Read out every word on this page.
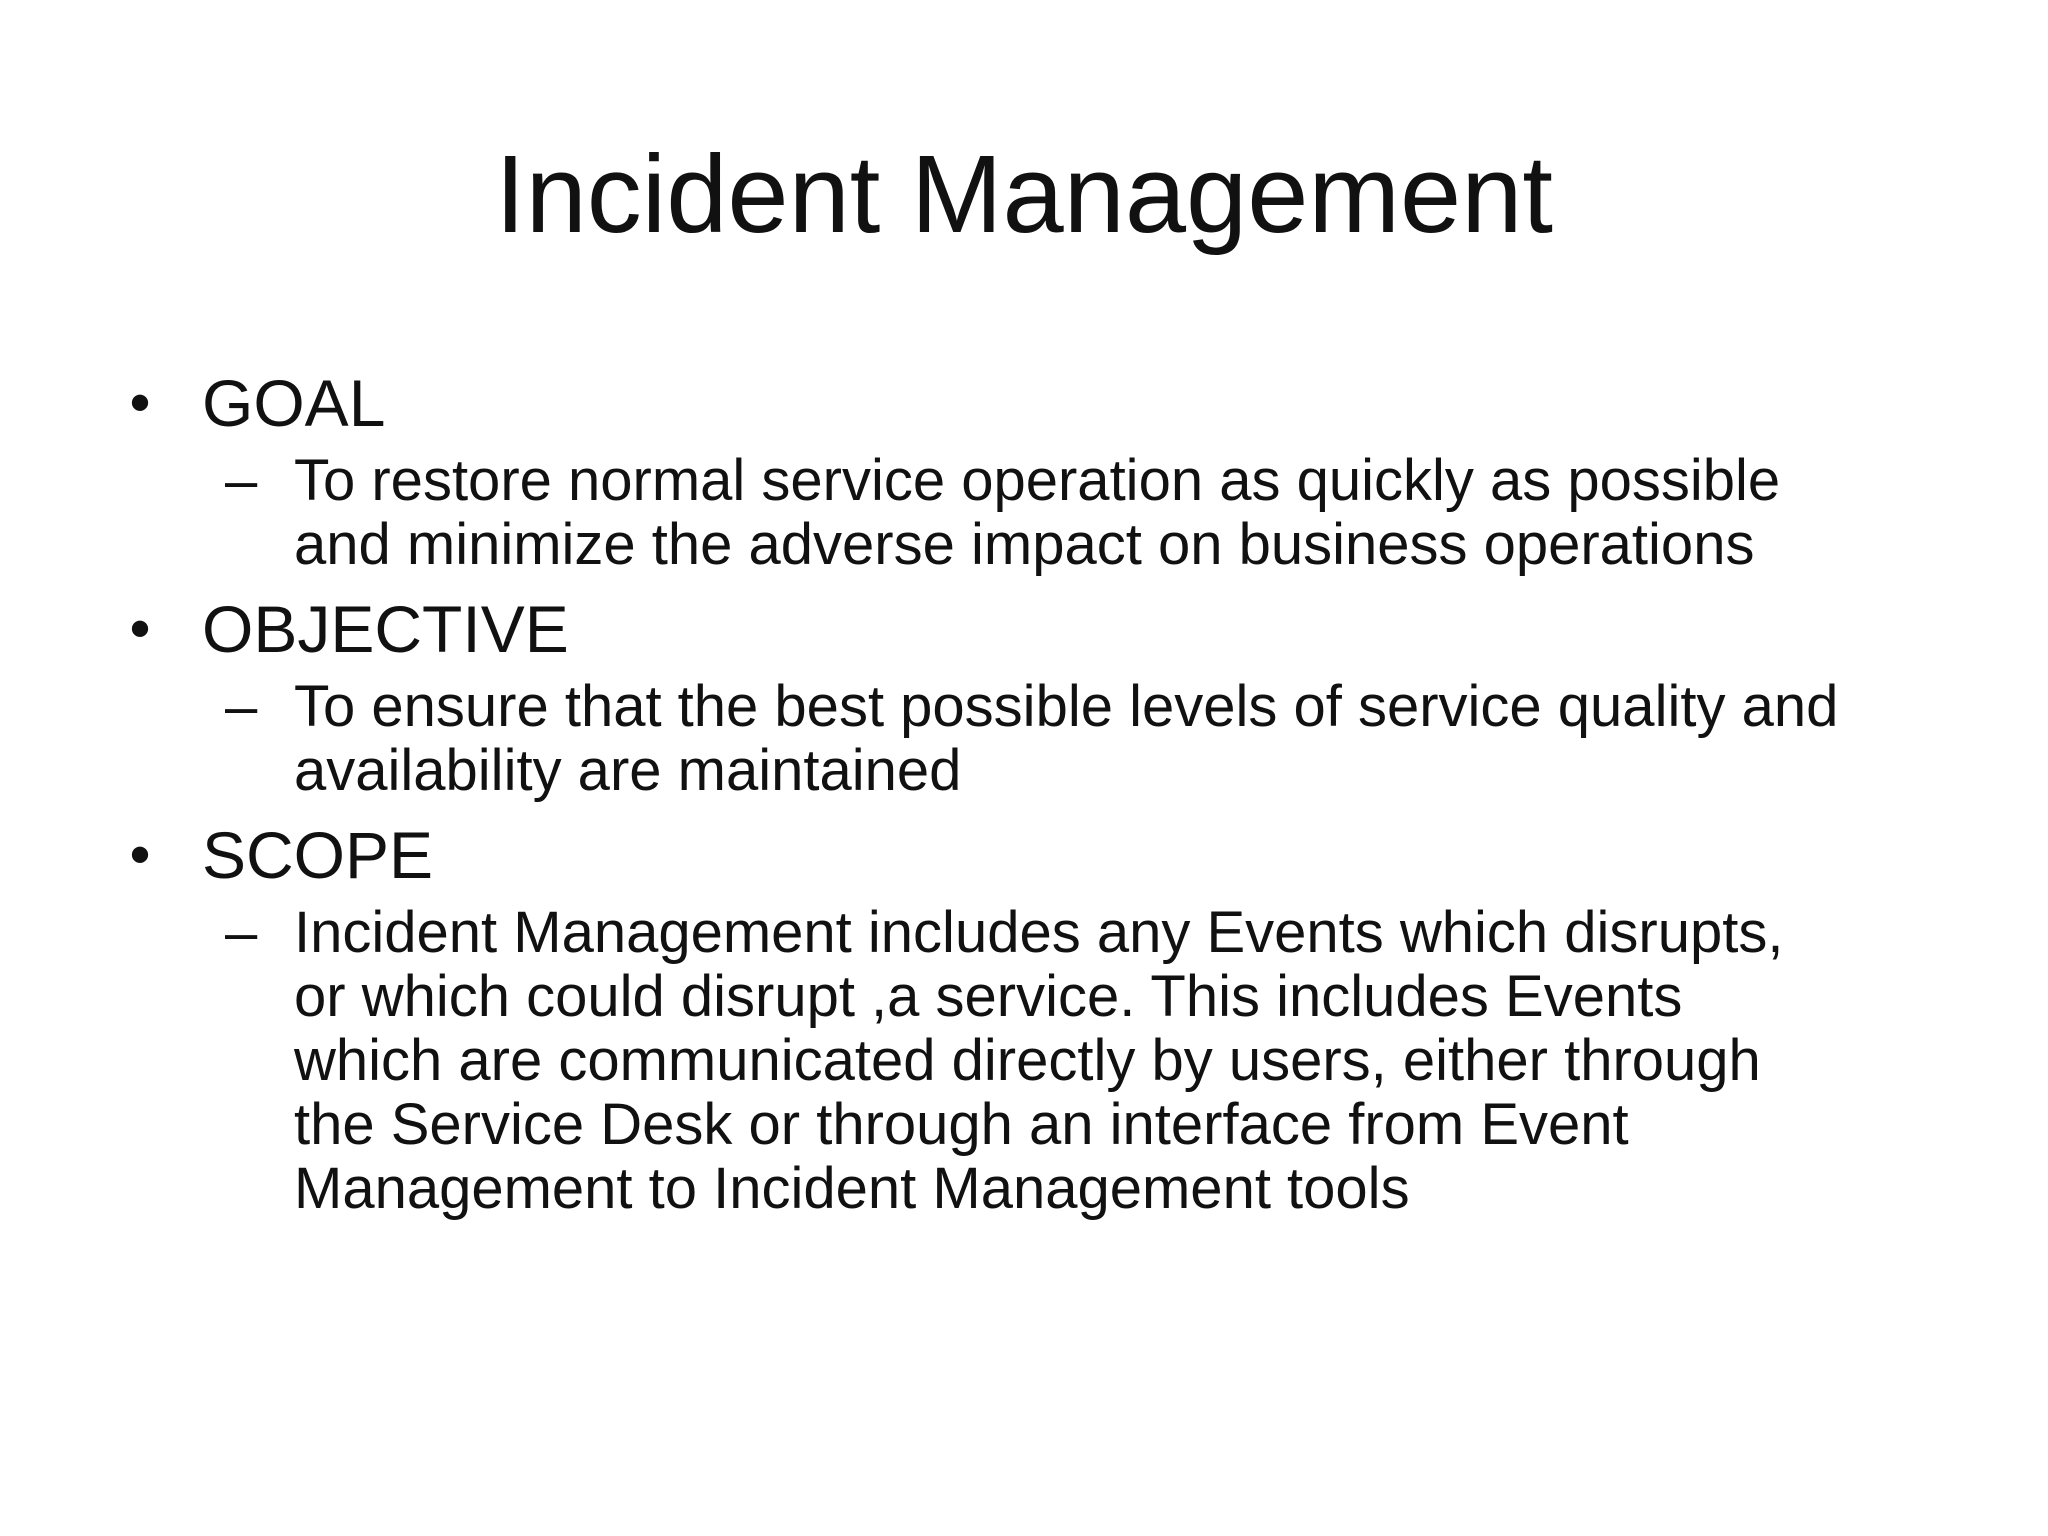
Incident Management
• GOAL
– To restore normal service operation as quickly as possible and minimize the adverse impact on business operations
• OBJECTIVE
– To ensure that the best possible levels of service quality and availability are maintained
• SCOPE
– Incident Management includes any Events which disrupts, or which could disrupt ,a service. This includes Events which are communicated directly by users, either through the Service Desk or through an interface from Event Management to Incident Management tools
